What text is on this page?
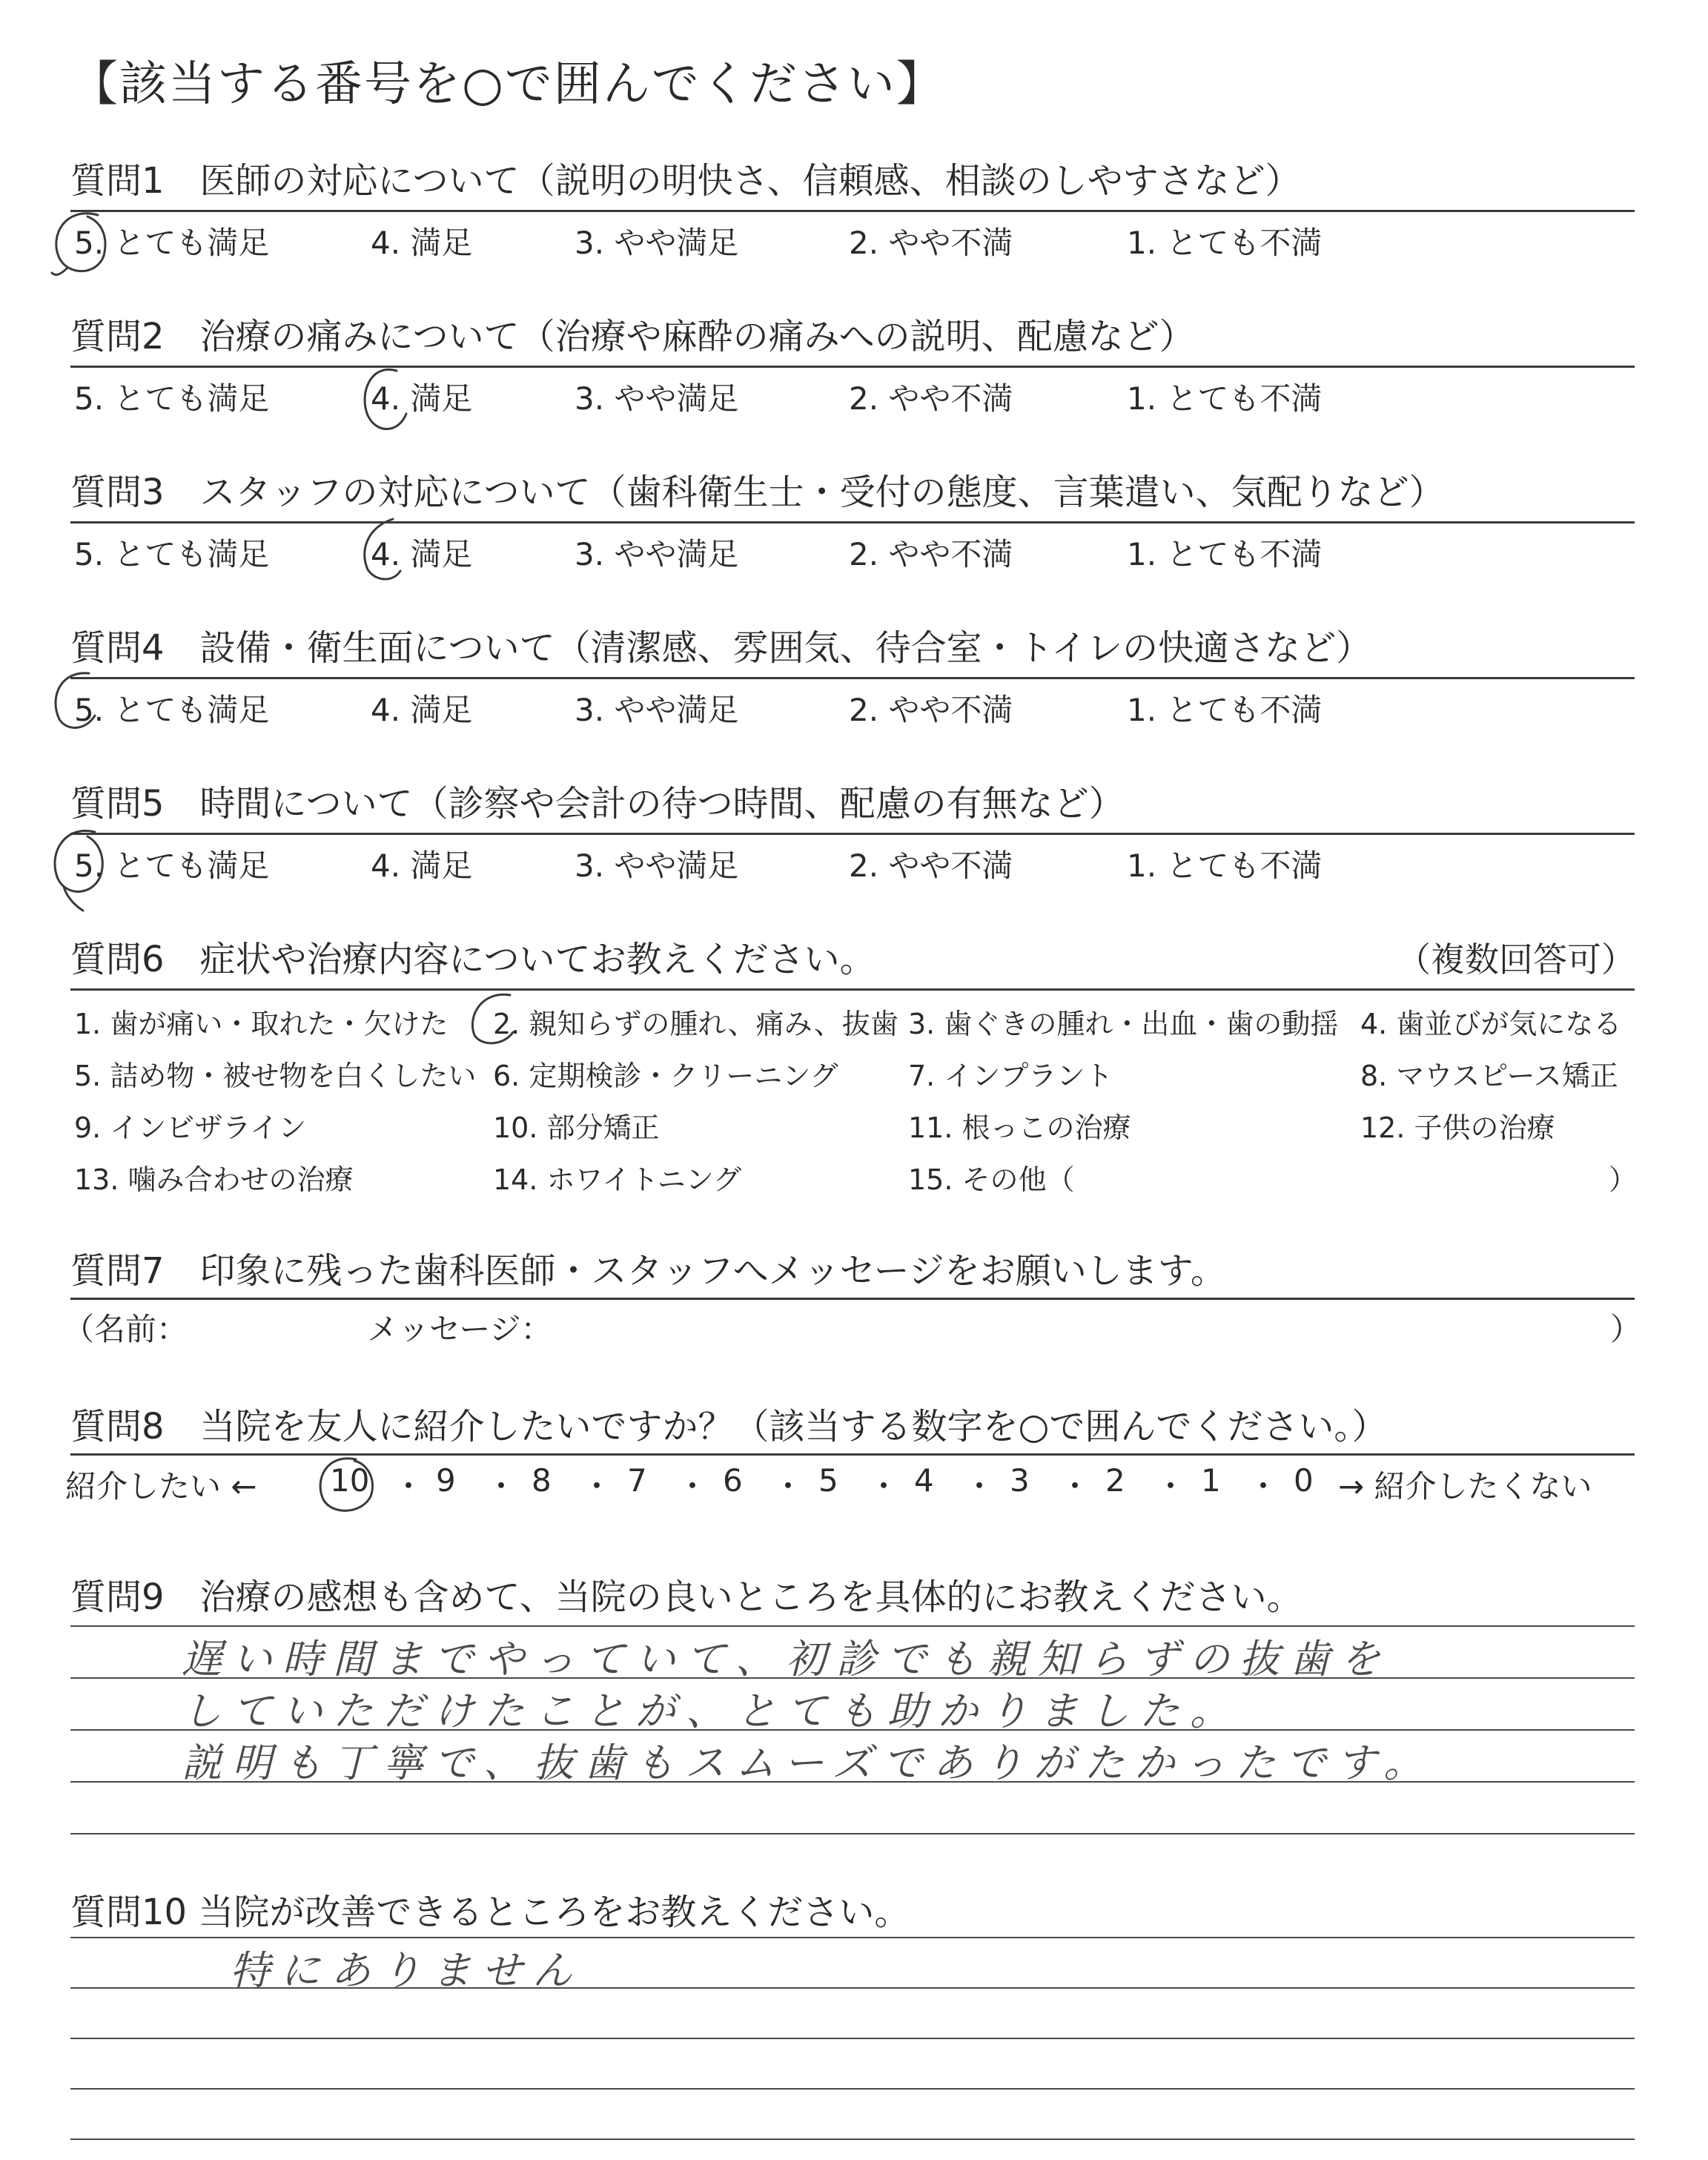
【該当する番号を○で囲んでください】
質問1　医師の対応について（説明の明快さ、信頼感、相談のしやすさなど）
5. とても満足	4. 満足	3. やや満足	2. やや不満	1. とても不満
質問2　治療の痛みについて（治療や麻酔の痛みへの説明、配慮など）
5. とても満足	4. 満足	3. やや満足	2. やや不満	1. とても不満
質問3　スタッフの対応について（歯科衛生士・受付の態度、言葉遣い、気配りなど）
5. とても満足	4. 満足	3. やや満足	2. やや不満	1. とても不満
質問4　設備・衛生面について（清潔感、雰囲気、待合室・トイレの快適さなど）
5. とても満足	4. 満足	3. やや満足	2. やや不満	1. とても不満
質問5　時間について（診察や会計の待つ時間、配慮の有無など）
5. とても満足	4. 満足	3. やや満足	2. やや不満	1. とても不満
質問6　症状や治療内容についてお教えください。	（複数回答可）
1. 歯が痛い・取れた・欠けた 2. 親知らずの腫れ、痛み、抜歯 3. 歯ぐきの腫れ・出血・歯の動揺 4. 歯並びが気になる
5. 詰め物・被せ物を白くしたい 6. 定期検診・クリーニング 7. インプラント	8. マウスピース矯正
9. インビザライン	10. 部分矯正	11. 根っこの治療	12. 子供の治療
13. 噛み合わせの治療	14. ホワイトニング	15. その他（	）
質問7　印象に残った歯科医師・スタッフへメッセージをお願いします。
（名前：	メッセージ：	）
質問8　当院を友人に紹介したいですか？（該当する数字を○で囲んでください。）
紹介したい ← 10 9 8 7 6 5 4 3 2 1 0 → 紹介したくない
・ ・ ・ ・ ・ ・ ・ ・ ・ ・
質問9　治療の感想も含めて、当院の良いところを具体的にお教えください。
遅い時間までやっていて、初診でも親知らずの抜歯を
していただけたことが、とても助かりました。
説明も丁寧で、抜歯もスムーズでありがたかったです。
質問10 当院が改善できるところをお教えください。
特にありません
